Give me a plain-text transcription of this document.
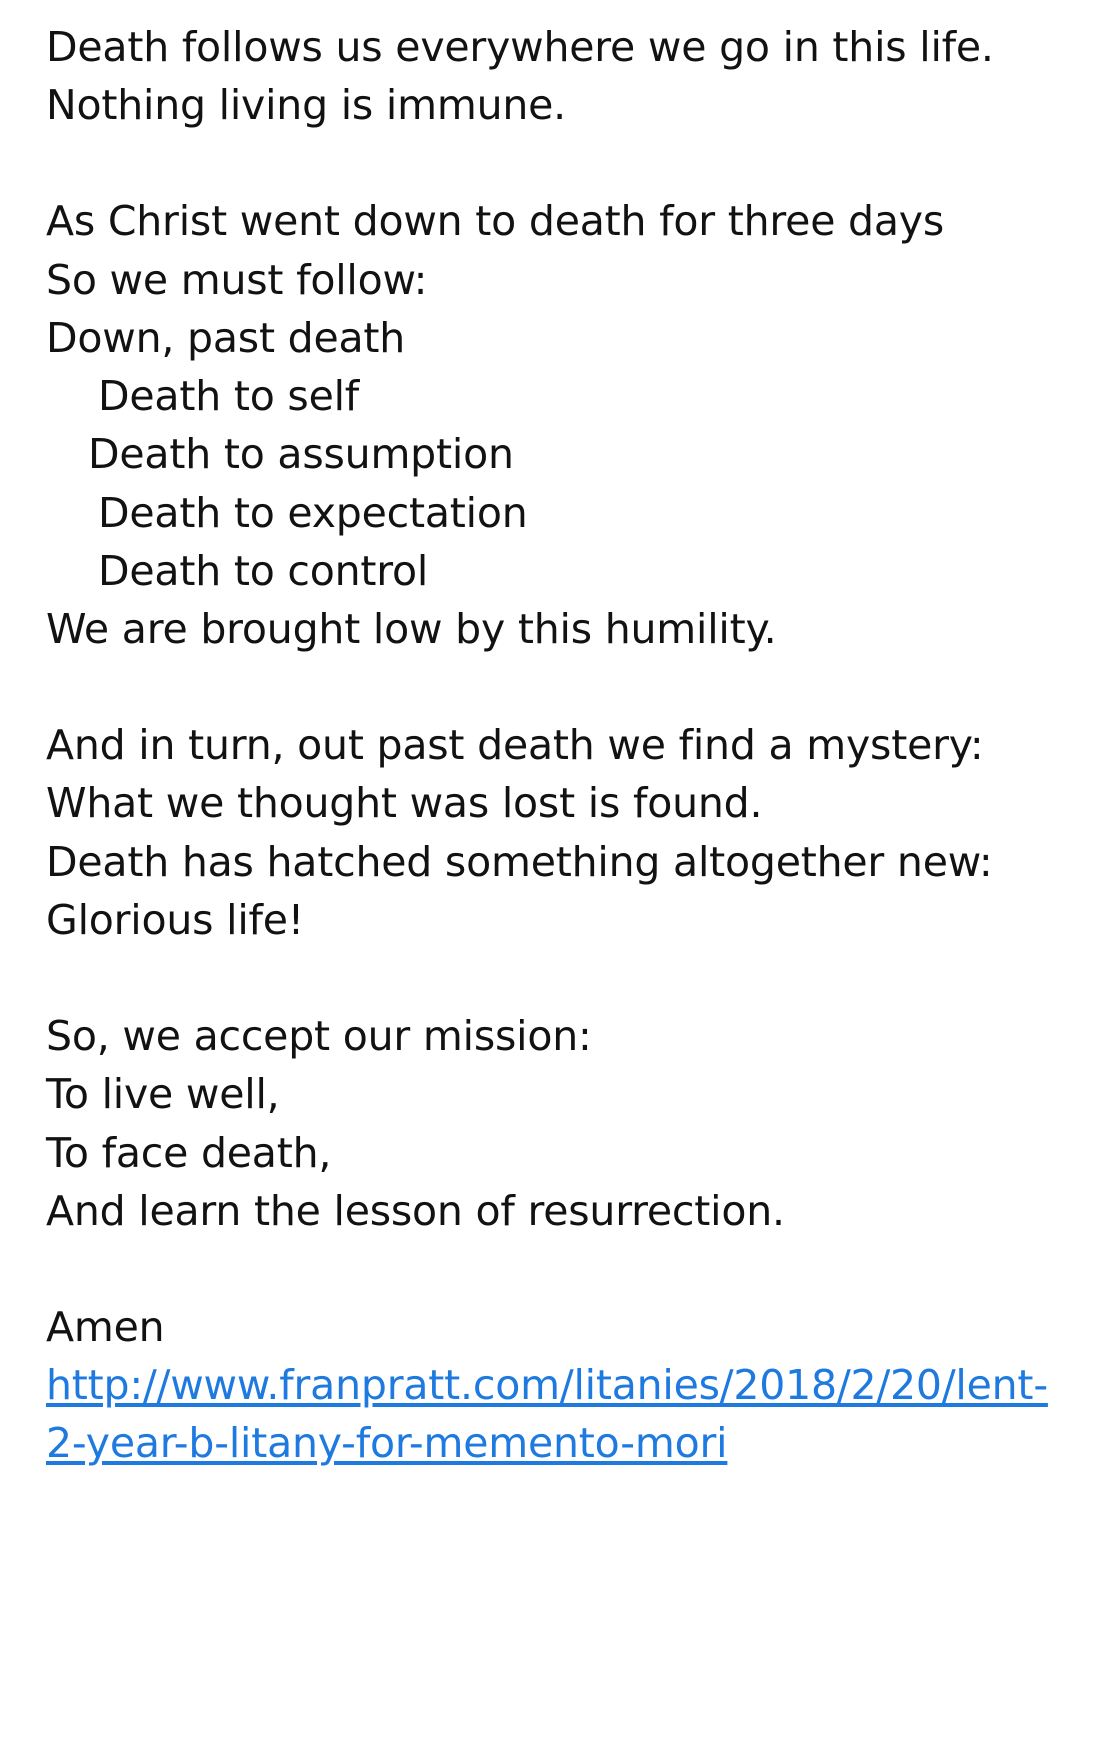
Death follows us everywhere we go in this life.
Nothing living is immune.
As Christ went down to death for three days
So we must follow:
Down, past death
Death to self
Death to assumption
Death to expectation
Death to control
We are brought low by this humility.
And in turn, out past death we find a mystery:
What we thought was lost is found.
Death has hatched something altogether new:
Glorious life!
So, we accept our mission:
To live well,
To face death,
And learn the lesson of resurrection.
Amen
http://www.franpratt.com/litanies/2018/2/20/lent-2-year-b-litany-for-memento-mori
